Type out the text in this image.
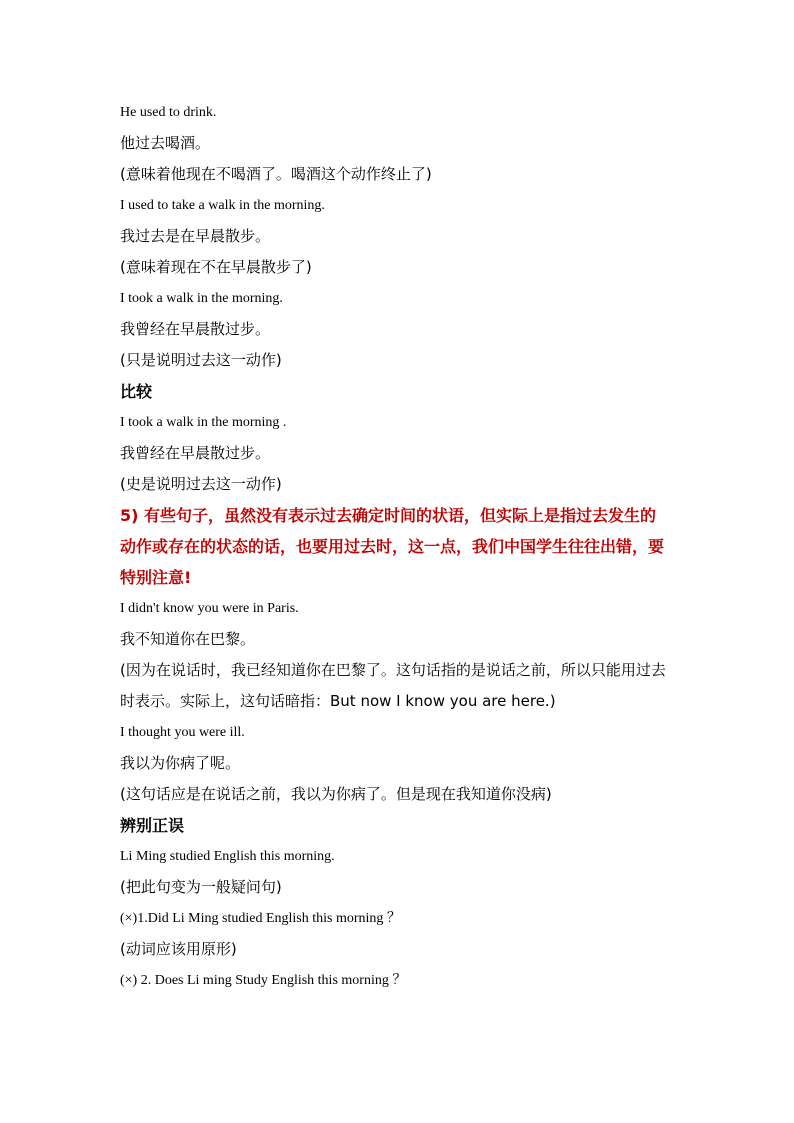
He used to drink.
他过去喝酒。
(意味着他现在不喝酒了。喝酒这个动作终止了)
I used to take a walk in the morning.
我过去是在早晨散步。
(意味着现在不在早晨散步了)
I took a walk in the morning.
我曾经在早晨散过步。
(只是说明过去这一动作)
比较
I took a walk in the morning .
我曾经在早晨散过步。
(史是说明过去这一动作)
5) 有些句子，虽然没有表示过去确定时间的状语，但实际上是指过去发生的动作或存在的状态的话，也要用过去时，这一点，我们中国学生往往出错，要特别注意!
I didn't know you were in Paris.
我不知道你在巴黎。
(因为在说话时，我已经知道你在巴黎了。这句话指的是说话之前，所以只能用过去时表示。实际上，这句话暗指：But now I know you are here.)
I thought you were ill.
我以为你病了呢。
(这句话应是在说话之前，我以为你病了。但是现在我知道你没病)
辨别正误
Li Ming studied English this morning.
(把此句变为一般疑问句)
(×)1.Did Li Ming studied English this morning ？
(动词应该用原形)
(×) 2. Does Li ming Study English this morning ？
